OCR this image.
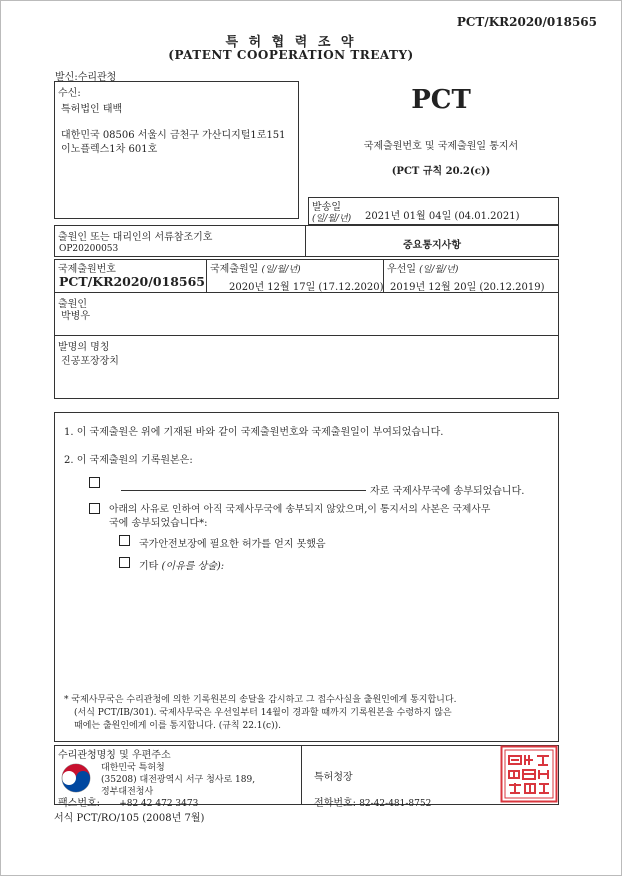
PCT/KR2020/018565
특 허 협 력 조 약
(PATENT COOPERATION TREATY)
발신:수리관청
수신:
특허법인 태백
대한민국 08506 서울시 금천구 가산디지털1로151
이노플렉스1차 601호
PCT
국제출원번호 및 국제출원일 통지서
(PCT 규칙 20.2(c))
발송일
(일/월/년) 2021년 01월 04일 (04.01.2021)
출원인 또는 대리인의 서류참조기호
OP20200053	중요통지사항
국제출원번호
PCT/KR2020/018565
국제출원일 (일/월/년)
2020년 12월 17일 (17.12.2020)
우선일 (일/월/년)
2019년 12월 20일 (20.12.2019)
출원인
박병우
발명의 명칭
진공포장장치
1. 이 국제출원은 위에 기재된 바와 같이 국제출원번호와 국제출원일이 부여되었습니다.
2. 이 국제출원의 기록원본은:
자로 국제사무국에 송부되었습니다.
아래의 사유로 인하여 아직 국제사무국에 송부되지 않았으며,이 통지서의 사본은 국제사무
국에 송부되었습니다*:
국가안전보장에 필요한 허가를 얻지 못했음
기타 (이유를 상술):
* 국제사무국은 수리관청에 의한 기록원본의 송달을 감시하고 그 접수사실을 출원인에게 통지합니다.
(서식 PCT/IB/301). 국제사무국은 우선일부터 14월이 경과할 때까지 기록원본을 수령하지 않은
때에는 출원인에게 이를 통지합니다. (규칙 22.1(c)).
수리관청명칭 및 우편주소
대한민국 특허청
(35208) 대전광역시 서구 청사로 189,
정부대전청사
팩스번호: +82 42 472 3473
특허청장
전화번호: 82-42-481-8752
서식 PCT/RO/105 (2008년 7월)
